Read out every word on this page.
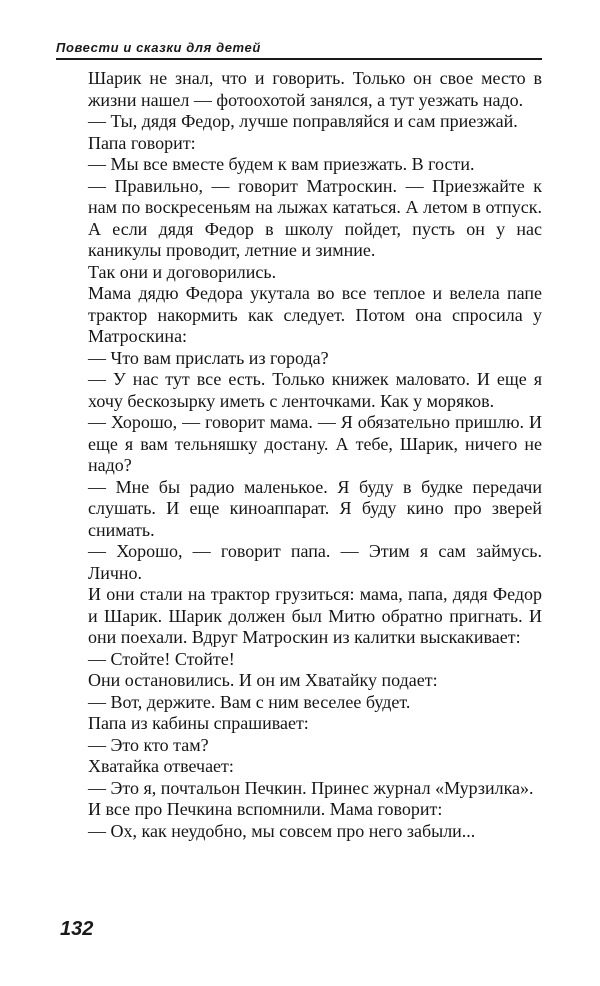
Повести и сказки для детей

Шарик не знал, что и говорить. Только он свое место в жизни нашел — фотоохотой занялся, а тут уезжать надо.

— Ты, дядя Федор, лучше поправляйся и сам приезжай.

Папа говорит:

— Мы все вместе будем к вам приезжать. В гости.

— Правильно, — говорит Матроскин. — Приезжайте к нам по воскресеньям на лыжах кататься. А летом в отпуск. А если дядя Федор в школу пойдет, пусть он у нас каникулы проводит, летние и зимние.

Так они и договорились.

Мама дядю Федора укутала во все теплое и велела папе трактор накормить как следует. Потом она спросила у Матроскина:

— Что вам прислать из города?

— У нас тут все есть. Только книжек маловато. И еще я хочу бескозырку иметь с ленточками. Как у моряков.

— Хорошо, — говорит мама. — Я обязательно пришлю. И еще я вам тельняшку достану. А тебе, Шарик, ничего не надо?

— Мне бы радио маленькое. Я буду в будке передачи слушать. И еще киноаппарат. Я буду кино про зверей снимать.

— Хорошо, — говорит папа. — Этим я сам займусь. Лично.

И они стали на трактор грузиться: мама, папа, дядя Федор и Шарик. Шарик должен был Митю обратно пригнать. И они поехали. Вдруг Матроскин из калитки выскакивает:

— Стойте! Стойте!

Они остановились. И он им Хватайку подает:

— Вот, держите. Вам с ним веселее будет.

Папа из кабины спрашивает:

— Это кто там?

Хватайка отвечает:

— Это я, почтальон Печкин. Принес журнал «Мурзилка».

И все про Печкина вспомнили. Мама говорит:

— Ох, как неудобно, мы совсем про него забыли...

132
